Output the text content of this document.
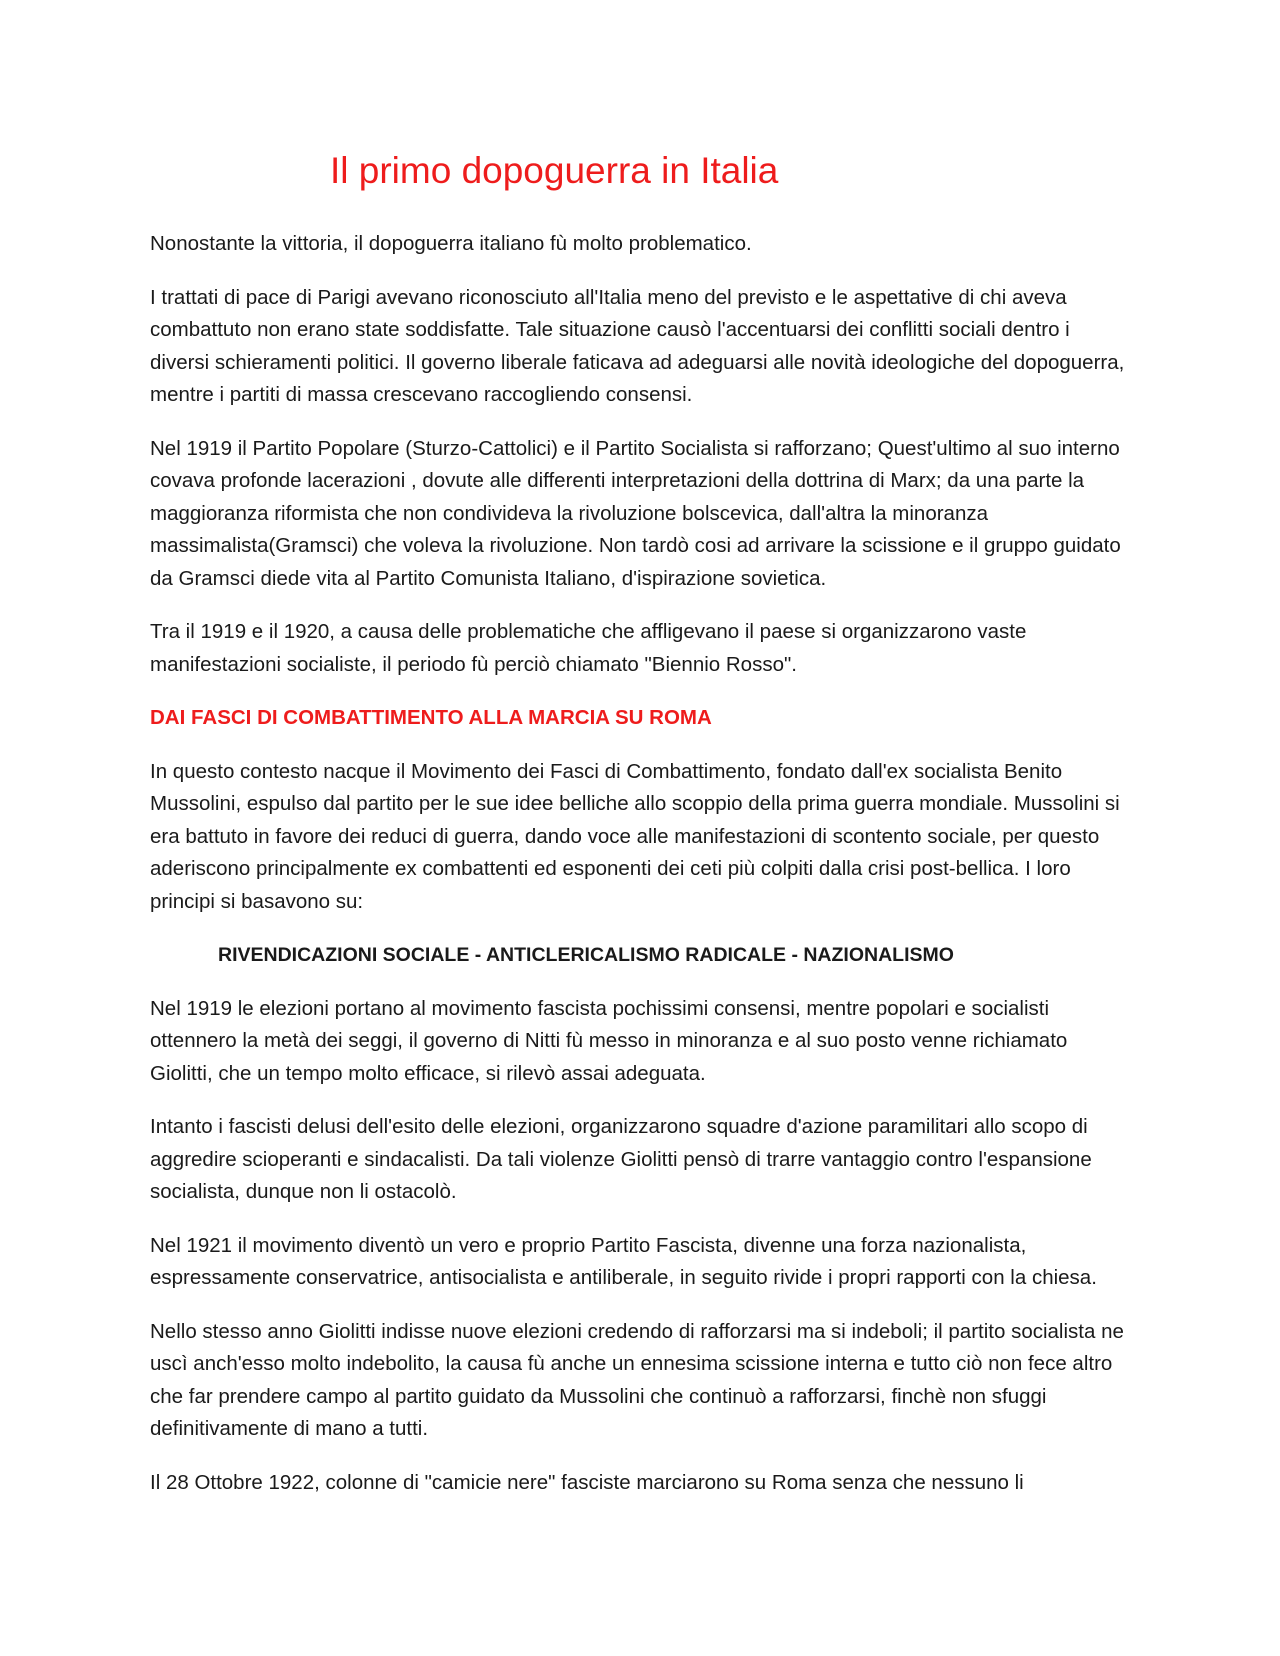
Il primo dopoguerra in Italia

Nonostante la vittoria, il dopoguerra italiano fù molto problematico.

I trattati di pace di Parigi avevano riconosciuto all'Italia meno del previsto e le aspettative di chi aveva combattuto non erano state soddisfatte. Tale situazione causò l'accentuarsi dei conflitti sociali dentro i diversi schieramenti politici. Il governo liberale faticava ad adeguarsi alle novità ideologiche del dopoguerra, mentre i partiti di massa crescevano raccogliendo consensi.

Nel 1919 il Partito Popolare (Sturzo-Cattolici) e il Partito Socialista si rafforzano; Quest'ultimo al suo interno covava profonde lacerazioni , dovute alle differenti interpretazioni della dottrina di Marx; da una parte la maggioranza riformista che non condivideva la rivoluzione bolscevica, dall'altra la minoranza massimalista(Gramsci) che voleva la rivoluzione. Non tardò cosi ad arrivare la scissione e il gruppo guidato da Gramsci diede vita al Partito Comunista Italiano, d'ispirazione sovietica.

Tra il 1919 e il 1920, a causa delle problematiche che affligevano il paese si organizzarono vaste manifestazioni socialiste, il periodo fù perciò chiamato "Biennio Rosso".

DAI FASCI DI COMBATTIMENTO ALLA MARCIA SU ROMA

In questo contesto nacque il Movimento dei Fasci di Combattimento, fondato dall'ex socialista Benito Mussolini, espulso dal partito per le sue idee belliche allo scoppio della prima guerra mondiale. Mussolini si era battuto in favore dei reduci di guerra, dando voce alle manifestazioni di scontento sociale, per questo aderiscono principalmente ex combattenti ed esponenti dei ceti più colpiti dalla crisi post-bellica. I loro principi si basavono su:

RIVENDICAZIONI SOCIALE - ANTICLERICALISMO RADICALE - NAZIONALISMO

Nel 1919 le elezioni portano al movimento fascista pochissimi consensi, mentre popolari e socialisti ottennero la metà dei seggi, il governo di Nitti fù messo in minoranza e al suo posto venne richiamato Giolitti, che un tempo molto efficace, si rilevò assai adeguata.

Intanto i fascisti delusi dell'esito delle elezioni, organizzarono squadre d'azione paramilitari allo scopo di aggredire scioperanti e sindacalisti. Da tali violenze Giolitti pensò di trarre vantaggio contro l'espansione socialista, dunque non li ostacolò.

Nel 1921 il movimento diventò un vero e proprio Partito Fascista, divenne una forza nazionalista, espressamente conservatrice, antisocialista e antiliberale, in seguito rivide i propri rapporti con la chiesa.

Nello stesso anno Giolitti indisse nuove elezioni credendo di rafforzarsi ma si indeboli; il partito socialista ne uscì anch'esso molto indebolito, la causa fù anche un ennesima scissione interna e tutto ciò non fece altro che far prendere campo al partito guidato da Mussolini che continuò a rafforzarsi, finchè non sfuggi definitivamente di mano a tutti.

Il 28 Ottobre 1922, colonne di "camicie nere" fasciste marciarono su Roma senza che nessuno li
